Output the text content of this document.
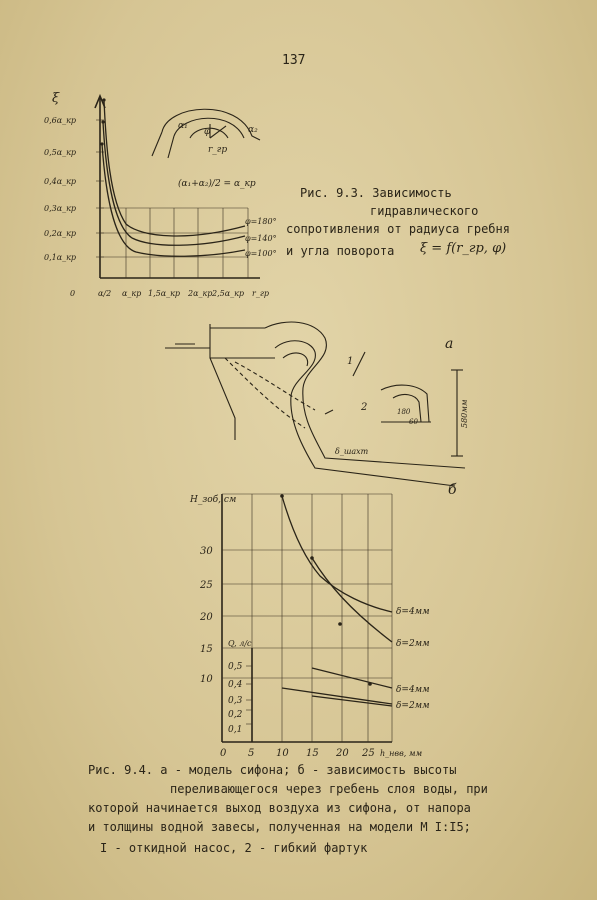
137
ξ
0,6α_кр
0,5α_кр
0,4α_кр
0,3α_кр
0,2α_кр
0,1α_кр
0	α/2 α_кр 1,5α_кр 2α_кр 2,5α_кр r_гр
φ=180°
φ=140°
φ=100°
α₁	α₂
r_гр
φ
(α₁+α₂)/2 = α_кр
Рис. 9.3. Зависимость
гидравлического
сопротивления от радиуса гребня
и угла поворота ξ = f(r_гр, φ)
а
1
2	580мм
δ_шахт
180
60
H_зоб, см
30
25
20
15
10
Q, л/с
0,5
0,4
0,3
0,2
0,1
0 5 10 15 20 25 h_нвв, мм
δ=4мм
δ=2мм
δ=4мм
δ=2мм
б
Рис. 9.4. а - модель сифона; б - зависимость высоты
переливающегося через гребень слоя воды, при
которой начинается выход воздуха из сифона, от напора
и толщины водной завесы, полученная на модели М I:I5;
I - откидной насос, 2 - гибкий фартук
